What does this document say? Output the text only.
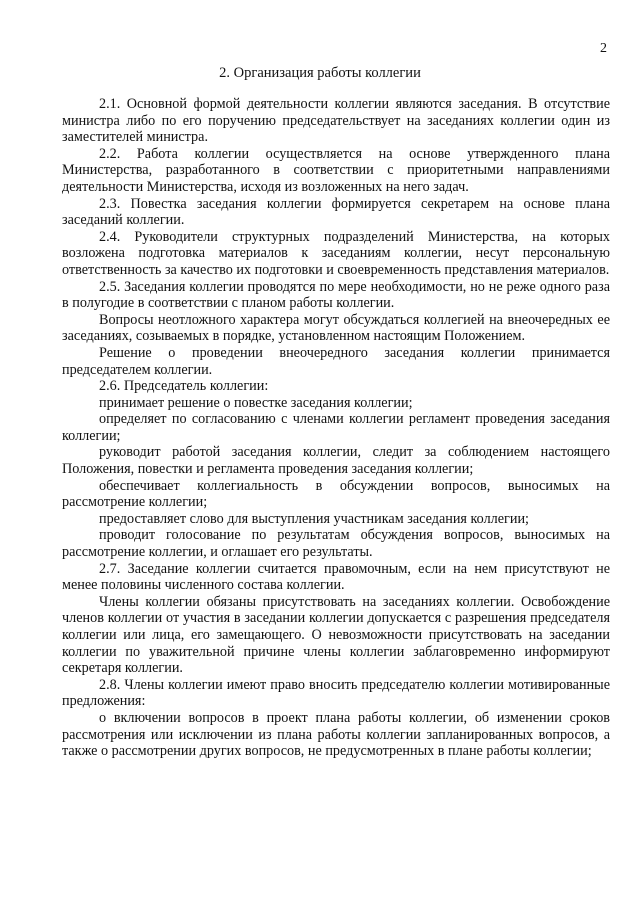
2
2. Организация работы коллегии

2.1. Основной формой деятельности коллегии являются заседания. В отсутствие министра либо по его поручению председательствует на заседаниях коллегии один из заместителей министра.

2.2. Работа коллегии осуществляется на основе утвержденного плана Министерства, разработанного в соответствии с приоритетными направлениями деятельности Министерства, исходя из возложенных на него задач.

2.3. Повестка заседания коллегии формируется секретарем на основе плана заседаний коллегии.

2.4. Руководители структурных подразделений Министерства, на которых возложена подготовка материалов к заседаниям коллегии, несут персональную ответственность за качество их подготовки и своевременность представления материалов.

2.5. Заседания коллегии проводятся по мере необходимости, но не реже одного раза в полугодие в соответствии с планом работы коллегии.

Вопросы неотложного характера могут обсуждаться коллегией на внеочередных ее заседаниях, созываемых в порядке, установленном настоящим Положением.

Решение о проведении внеочередного заседания коллегии принимается председателем коллегии.

2.6. Председатель коллегии:

принимает решение о повестке заседания коллегии;

определяет по согласованию с членами коллегии регламент проведения заседания коллегии;

руководит работой заседания коллегии, следит за соблюдением настоящего Положения, повестки и регламента проведения заседания коллегии;

обеспечивает коллегиальность в обсуждении вопросов, выносимых на рассмотрение коллегии;

предоставляет слово для выступления участникам заседания коллегии;

проводит голосование по результатам обсуждения вопросов, выносимых на рассмотрение коллегии, и оглашает его результаты.

2.7. Заседание коллегии считается правомочным, если на нем присутствуют не менее половины численного состава коллегии.

Члены коллегии обязаны присутствовать на заседаниях коллегии. Освобождение членов коллегии от участия в заседании коллегии допускается с разрешения председателя коллегии или лица, его замещающего. О невозможности присутствовать на заседании коллегии по уважительной причине члены коллегии заблаговременно информируют секретаря коллегии.

2.8. Члены коллегии имеют право вносить председателю коллегии мотивированные предложения:

о включении вопросов в проект плана работы коллегии, об изменении сроков рассмотрения или исключении из плана работы коллегии запланированных вопросов, а также о рассмотрении других вопросов, не предусмотренных в плане работы коллегии;
